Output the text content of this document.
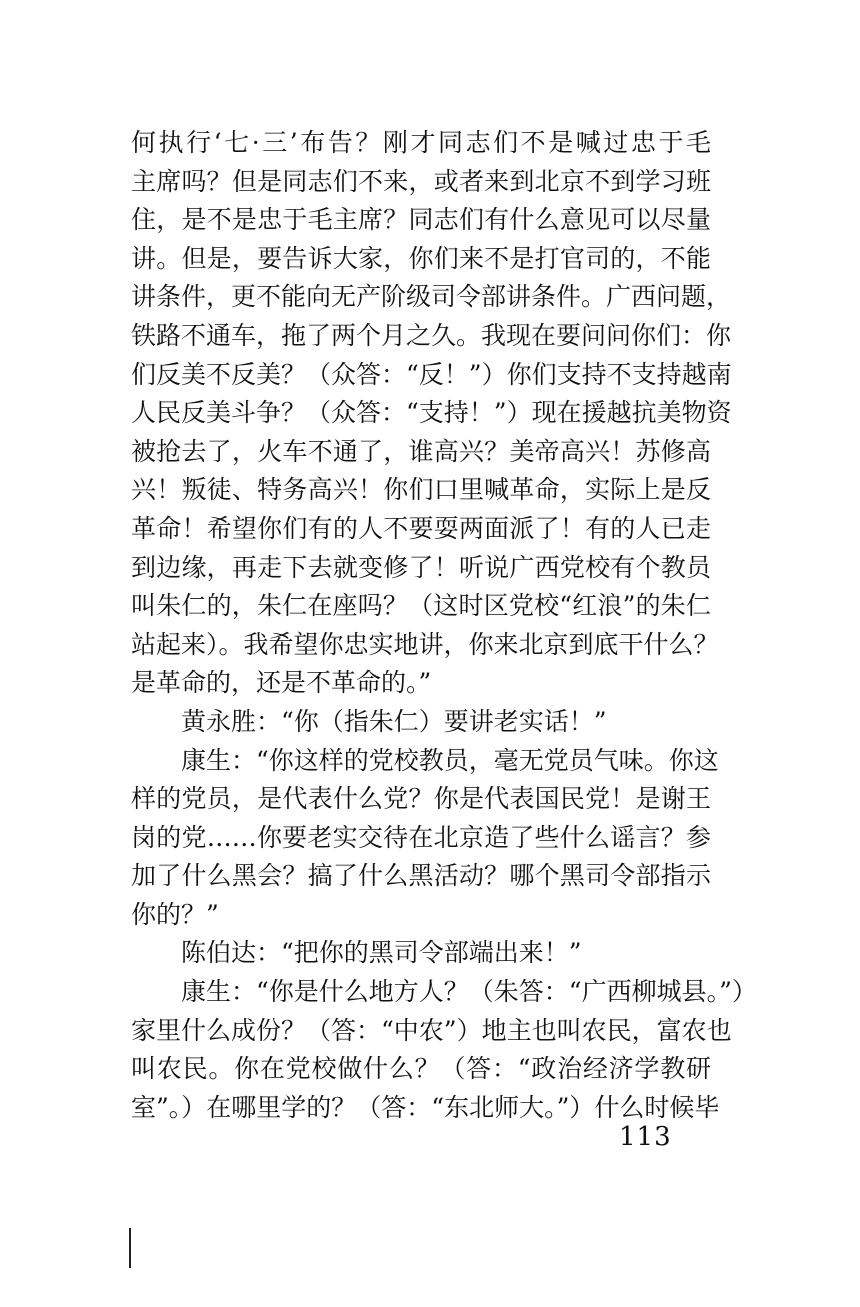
何执行‘七·三’布告？刚才同志们不是喊过忠于毛
主席吗？但是同志们不来，或者来到北京不到学习班
住，是不是忠于毛主席？同志们有什么意见可以尽量
讲。但是，要告诉大家，你们来不是打官司的，不能
讲条件，更不能向无产阶级司令部讲条件。广西问题，
铁路不通车，拖了两个月之久。我现在要问问你们：你
们反美不反美？（众答：“反！”）你们支持不支持越南
人民反美斗争？（众答：“支持！”）现在援越抗美物资
被抢去了，火车不通了，谁高兴？美帝高兴！苏修高
兴！叛徒、特务高兴！你们口里喊革命，实际上是反
革命！希望你们有的人不要耍两面派了！有的人已走
到边缘，再走下去就变修了！听说广西党校有个教员
叫朱仁的，朱仁在座吗？（这时区党校“红浪”的朱仁
站起来）。我希望你忠实地讲，你来北京到底干什么？
是革命的，还是不革命的。”
黄永胜：“你（指朱仁）要讲老实话！”
康生：“你这样的党校教员，毫无党员气味。你这
样的党员，是代表什么党？你是代表国民党！是谢王
岗的党……你要老实交待在北京造了些什么谣言？参
加了什么黑会？搞了什么黑活动？哪个黑司令部指示
你的？”
陈伯达：“把你的黑司令部端出来！”
康生：“你是什么地方人？（朱答：“广西柳城县。”）
家里什么成份？（答：“中农”）地主也叫农民，富农也
叫农民。你在党校做什么？（答：“政治经济学教研
室”。）在哪里学的？（答：“东北师大。”）什么时候毕
113
